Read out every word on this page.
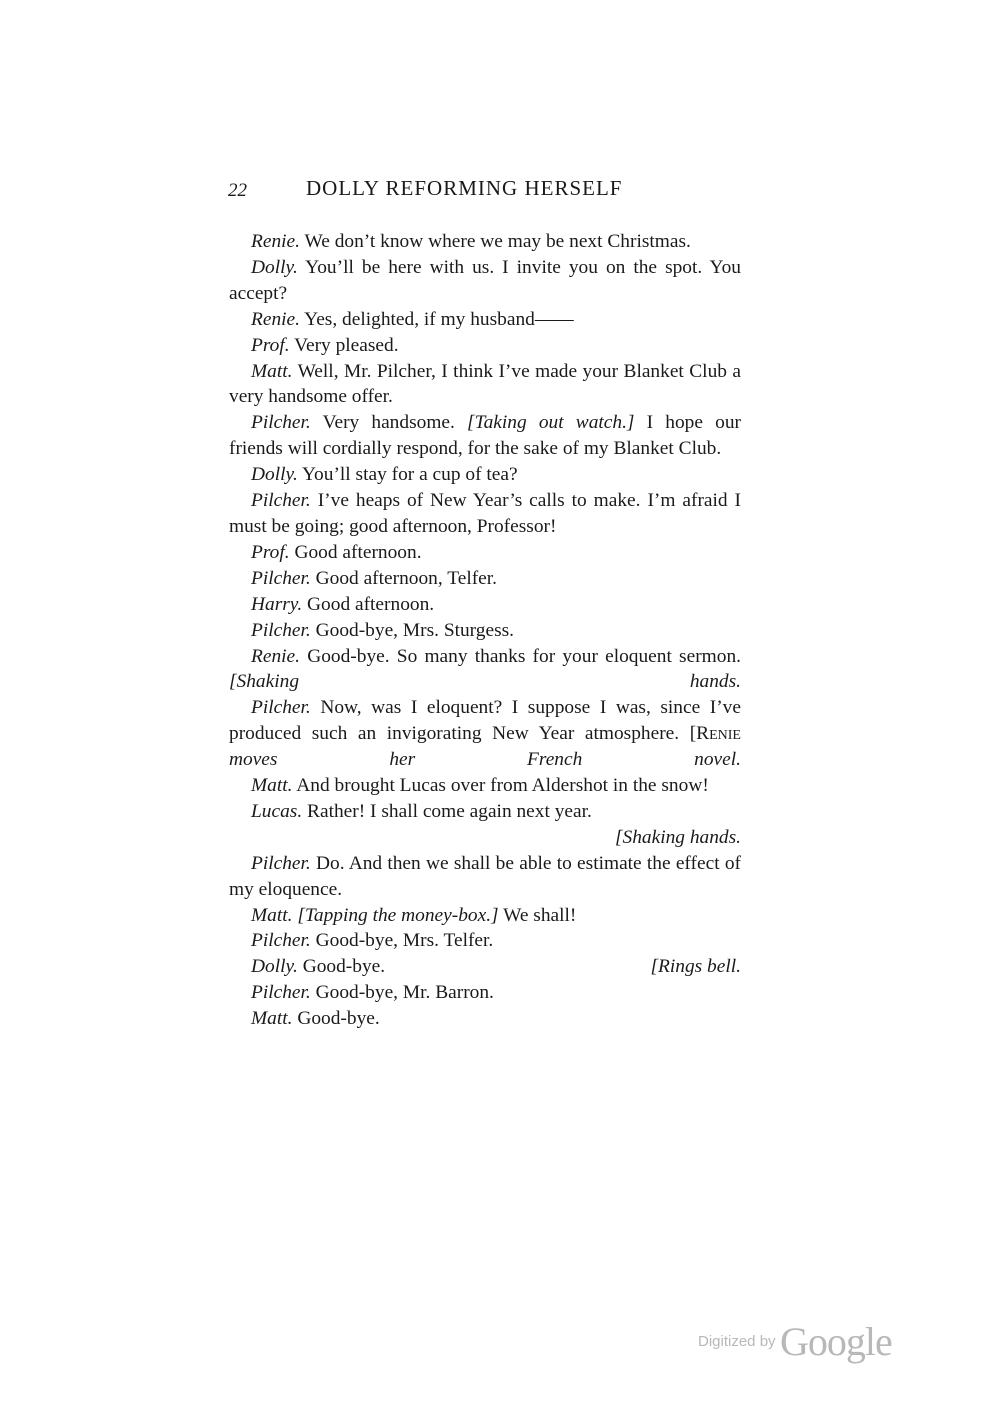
22	DOLLY REFORMING HERSELF

Renie. We don’t know where we may be next Christmas.

Dolly. You’ll be here with us. I invite you on the spot. You accept?

Renie. Yes, delighted, if my husband——

Prof. Very pleased.

Matt. Well, Mr. Pilcher, I think I’ve made your Blanket Club a very handsome offer.

Pilcher. Very handsome. [Taking out watch.] I hope our friends will cordially respond, for the sake of my Blanket Club.

Dolly. You’ll stay for a cup of tea?

Pilcher. I’ve heaps of New Year’s calls to make. I’m afraid I must be going; good afternoon, Professor!

Prof. Good afternoon.

Pilcher. Good afternoon, Telfer.

Harry. Good afternoon.

Pilcher. Good-bye, Mrs. Sturgess.

Renie. Good-bye. So many thanks for your eloquent sermon. [Shaking hands.

Pilcher. Now, was I eloquent? I suppose I was, since I’ve produced such an invigorating New Year atmosphere. [Renie moves her French novel.

Matt. And brought Lucas over from Aldershot in the snow!

Lucas. Rather! I shall come again next year.

[Shaking hands.

Pilcher. Do. And then we shall be able to estimate the effect of my eloquence.

Matt. [Tapping the money-box.] We shall!

Pilcher. Good-bye, Mrs. Telfer.

Dolly. Good-bye.	[Rings bell.

Pilcher. Good-bye, Mr. Barron.

Matt. Good-bye.

Digitized by Google
